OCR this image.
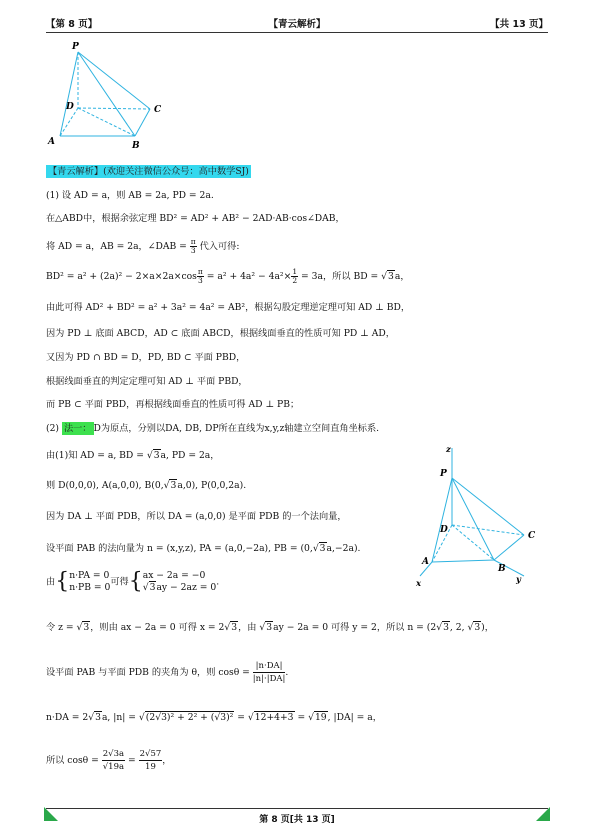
【第 8 页】	【青云解析】	【共 13 页】
P
D	C
A	B
z
P
D
C
A
B
x	y
【青云解析】(欢迎关注微信公众号：高中数学SJ)
(1) 设 AD = a，则 AB = 2a, PD = 2a.
在△ABD中，根据余弦定理 BD² = AD² + AB² − 2AD·AB·cos∠DAB，
将 AD = a，AB = 2a，∠DAB = $\frac{\pi}{3}$ 代入可得:
$BD^2 = a^2 + (2a)^2 - 2\times a\times 2a\times\cos \frac{\pi}{3} = a^2 + 4a^2 - 4a^2\times \frac{1}{2} = 3a$，所以 BD = √3a，
由此可得 AD² + BD² = a² + 3a² = 4a² = AB²，根据勾股定理逆定理可知 AD ⊥ BD，
因为 PD ⊥ 底面 ABCD，AD ⊂ 底面 ABCD，根据线面垂直的性质可知 PD ⊥ AD，
又因为 PD ∩ BD = D，PD, BD ⊂ 平面 PBD，
根据线面垂直的判定定理可知 AD ⊥ 平面 PBD，
而 PB ⊂ 平面 PBD，再根据线面垂直的性质可得 AD ⊥ PB；
(2) 法一： D为原点，分别以DA, DB, DP所在直线为x,y,z轴建立空间直角坐标系.
由(1)知 AD = a, BD = √3a, PD = 2a，
则 D(0,0,0), A(a,0,0), B(0,√3a,0), P(0,0,2a).
因为 DA ⊥ 平面 PDB，所以 DA = (a,0,0) 是平面 PDB 的一个法向量，
设平面 PAB 的法向量为 n = (x,y,z), PA = (a,0,−2a), PB = (0,√3a,−2a).
由{ n·PA = 0
n·PB = 0 可得{ ax − 2a = −0
√3ay − 2az = 0 .
令 z = √3，则由 ax − 2a = 0 可得 x = 2√3，由 √3ay − 2a = 0 可得 y = 2，所以 n = (2√3, 2, √3)，
设平面 PAB 与平面 PDB 的夹角为 θ，则 $\cos\theta = \frac{|n\cdot DA|}{|n|\cdot|DA|}$ .
n·DA = 2√3a, |n| = √(2√3)² + 2² + (√3)² = √12+4+3 = √19, |DA| = a，
所以 $\cos\theta = \frac{2√3a}{√19a} = \frac{2√57}{19}$ ，
第 8 页[共 13 页]
